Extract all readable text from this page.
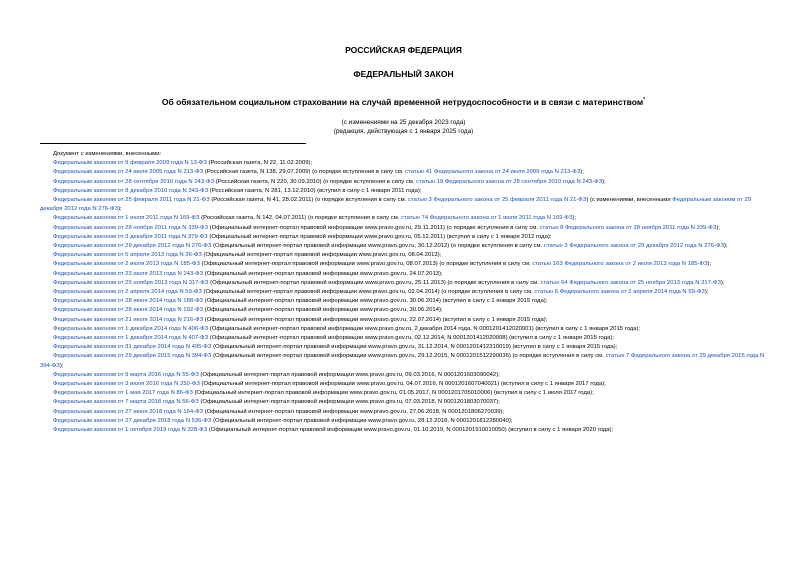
РОССИЙСКАЯ ФЕДЕРАЦИЯ
ФЕДЕРАЛЬНЫЙ ЗАКОН
Об обязательном социальном страховании на случай временной нетрудоспособности и в связи с материнством*
(с изменениями на 25 декабря 2023 года)
(редакция, действующая с 1 января 2025 года)
Документ с изменениями, внесенными:
Федеральным законом от 9 февраля 2009 года N 13-ФЗ (Российская газета, N 22, 11.02.2009);
Федеральным законом от 24 июля 2009 года N 213-ФЗ (Российская газета, N 138, 29.07.2009) (о порядке вступления в силу см. статью 41 Федерального закона от 24 июля 2009 года N 213-ФЗ);
Федеральным законом от 28 сентября 2010 года N 243-ФЗ (Российская газета, N 220, 30.09.2010) (о порядке вступления в силу см. статью 19 Федерального закона от 28 сентября 2010 года N 243-ФЗ);
Федеральным законом от 8 декабря 2010 года N 343-ФЗ (Российская газета, N 281, 13.12.2010) (вступил в силу с 1 января 2011 года);
Федеральным законом от 25 февраля 2011 года N 21-ФЗ (Российская газета, N 41, 28.02.2011) (о порядке вступления в силу см. статью 3 Федерального закона от 25 февраля 2011 года N 21-ФЗ) (с изменениями, внесенными Федеральным законом от 29 декабря 2012 года N 276-ФЗ);
Федеральным законом от 1 июля 2011 года N 169-ФЗ (Российская газета, N 142, 04.07.2011) (о порядке вступления в силу см. статью 74 Федерального закона от 1 июля 2011 года N 169-ФЗ);
Федеральным законом от 28 ноября 2011 года N 339-ФЗ (Официальный интернет-портал правовой информации www.pravo.gov.ru, 29.11.2011) (о порядке вступления в силу см. статью 8 Федерального закона от 28 ноября 2011 года N 339-ФЗ);
Федеральным законом от 3 декабря 2011 года N 379-ФЗ (Официальный интернет-портал правовой информации www.pravo.gov.ru, 05.12.2011) (вступил в силу с 1 января 2012 года);
Федеральным законом от 29 декабря 2012 года N 276-ФЗ (Официальный интернет-портал правовой информации www.pravo.gov.ru, 30.12.2012) (о порядке вступления в силу см. статью 3 Федерального закона от 29 декабря 2012 года N 276-ФЗ);
Федеральным законом от 5 апреля 2013 года N 36-ФЗ (Официальный интернет-портал правовой информации www.pravo.gov.ru, 08.04.2013);
Федеральным законом от 2 июля 2013 года N 185-ФЗ (Официальный интернет-портал правовой информации www.pravo.gov.ru, 08.07.2013) (о порядке вступления в силу см. статью 163 Федерального закона от 2 июля 2013 года N 185-ФЗ);
Федеральным законом от 23 июля 2013 года N 243-ФЗ (Официальный интернет-портал правовой информации www.pravo.gov.ru, 24.07.2013);
Федеральным законом от 25 ноября 2013 года N 317-ФЗ (Официальный интернет-портал правовой информации www.pravo.gov.ru, 25.11.2013) (о порядке вступления в силу см. статью 64 Федерального закона от 25 ноября 2013 года N 317-ФЗ);
Федеральным законом от 2 апреля 2014 года N 59-ФЗ (Официальный интернет-портал правовой информации www.pravo.gov.ru, 02.04.2014) (о порядке вступления в силу см. статью 6 Федерального закона от 2 апреля 2014 года N 59-ФЗ);
Федеральным законом от 28 июня 2014 года N 188-ФЗ (Официальный интернет-портал правовой информации www.pravo.gov.ru, 30.06.2014) (вступил в силу с 1 января 2015 года);
Федеральным законом от 28 июня 2014 года N 192-ФЗ (Официальный интернет-портал правовой информации www.pravo.gov.ru, 30.06.2014);
Федеральным законом от 21 июля 2014 года N 216-ФЗ (Официальный интернет-портал правовой информации www.pravo.gov.ru, 22.07.2014) (вступил в силу с 1 января 2015 года);
Федеральным законом от 1 декабря 2014 года N 406-ФЗ (Официальный интернет-портал правовой информации www.pravo.gov.ru, 2 декабря 2014 года, N 0001201412020001) (вступил в силу с 1 января 2015 года);
Федеральным законом от 1 декабря 2014 года N 407-ФЗ (Официальный интернет-портал правовой информации www.pravo.gov.ru, 02.12.2014, N 0001201412020008) (вступил в силу с 1 января 2015 года);
Федеральным законом от 31 декабря 2014 года N 495-ФЗ (Официальный интернет-портал правовой информации www.pravo.gov.ru, 31.12.2014, N 0001201412310019) (вступил в силу с 1 января 2015 года);
Федеральным законом от 29 декабря 2015 года N 394-ФЗ (Официальный интернет-портал правовой информации www.pravo.gov.ru, 29.12.2015, N 0001201512290036) (о порядке вступления в силу см. статью 7 Федерального закона от 29 декабря 2015 года N 394-ФЗ);
Федеральным законом от 9 марта 2016 года N 55-ФЗ (Официальный интернет-портал правовой информации www.pravo.gov.ru, 09.03.2016, N 0001201603090042);
Федеральным законом от 3 июля 2016 года N 250-ФЗ (Официальный интернет-портал правовой информации www.pravo.gov.ru, 04.07.2016, N 0001201607040021) (вступил в силу с 1 января 2017 года);
Федеральным законом от 1 мая 2017 года N 86-ФЗ (Официальный интернет-портал правовой информации www.pravo.gov.ru, 01.05.2017, N 0001201705010006) (вступил в силу с 1 июля 2017 года);
Федеральным законом от 7 марта 2018 года N 56-ФЗ (Официальный интернет-портал правовой информации www.pravo.gov.ru, 07.03.2018, N 0001201803070037);
Федеральным законом от 27 июня 2018 года N 164-ФЗ (Официальный интернет-портал правовой информации www.pravo.gov.ru, 27.06.2018, N 0001201806270039);
Федеральным законом от 27 декабря 2018 года N 536-ФЗ (Официальный интернет-портал правовой информации www.pravo.gov.ru, 28.12.2018, N 0001201812280040);
Федеральным законом от 1 октября 2019 года N 328-ФЗ (Официальный интернет-портал правовой информации www.pravo.gov.ru, 01.10.2019, N 0001201910010050) (вступил в силу с 1 января 2020 года);
